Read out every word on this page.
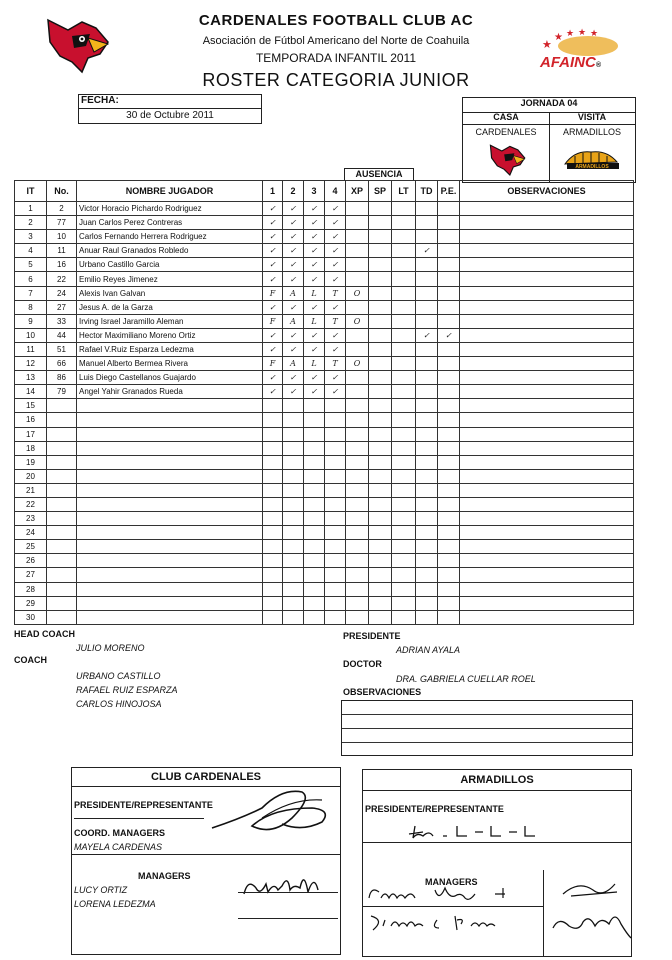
CARDENALES FOOTBALL CLUB AC
Asociación de Fútbol Americano del Norte de Coahuila
TEMPORADA INFANTIL 2011
ROSTER CATEGORIA JUNIOR
★
★ ★ ★ ★
AFAINC®
FECHA:
30 de Octubre 2011
JORNADA 04
CASA
CARDENALES
VISITA
ARMADILLOS
ARMADILLOS
AUSENCIA
IT	No.	NOMBRE JUGADOR	1	2	3	4	XP	SP	LT	TD	P.E.	OBSERVACIONES
1	2	Victor Horacio Pichardo Rodriguez	✓	✓	✓	✓						
2	77	Juan Carlos Perez Contreras	✓	✓	✓	✓						
3	10	Carlos Fernando Herrera Rodriguez	✓	✓	✓	✓						
4	11	Anuar Raul Granados Robledo	✓	✓	✓	✓				✓		
5	16	Urbano Castillo Garcia	✓	✓	✓	✓						
6	22	Emilio Reyes Jimenez	✓	✓	✓	✓						
7	24	Alexis Ivan Galvan	F	A	L	T	O					
8	27	Jesus A. de la Garza	✓	✓	✓	✓						
9	33	Irving Israel Jaramillo Aleman	F	A	L	T	O					
10	44	Hector Maximiliano Moreno Ortiz	✓	✓	✓	✓				✓	✓	
11	51	Rafael V.Ruiz Esparza Ledezma	✓	✓	✓	✓						
12	66	Manuel Alberto Bermea Rivera	F	A	L	T	O					
13	86	Luis Diego Castellanos Guajardo	✓	✓	✓	✓						
14	79	Angel Yahir Granados Rueda	✓	✓	✓	✓						
15												
16												
17												
18												
19												
20												
21												
22												
23												
24												
25												
26												
27												
28												
29												
30												
HEAD COACH
JULIO MORENO
COACH
URBANO CASTILLO
RAFAEL RUIZ ESPARZA
CARLOS HINOJOSA
PRESIDENTE
ADRIAN AYALA
DOCTOR
DRA. GABRIELA CUELLAR ROEL
OBSERVACIONES
CLUB CARDENALES
PRESIDENTE/REPRESENTANTE
COORD. MANAGERS
MAYELA CARDENAS
MANAGERS
LUCY ORTIZ
LORENA LEDEZMA
ARMADILLOS
PRESIDENTE/REPRESENTANTE
MANAGERS
